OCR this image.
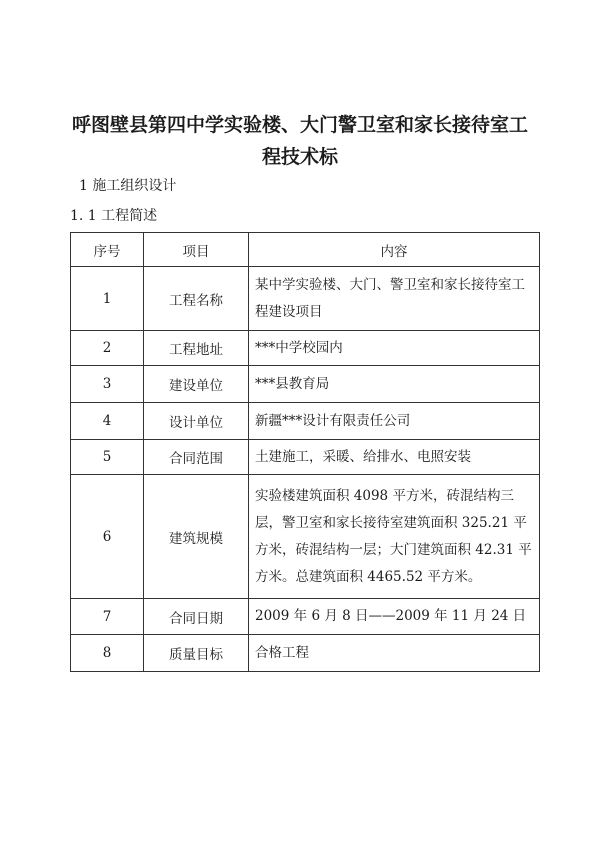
呼图壁县第四中学实验楼、大门警卫室和家长接待室工
程技术标
1 施工组织设计
1. 1 工程简述
序号	项目	内容
1	工程名称	某中学实验楼、大门、警卫室和家长接待室工程建设项目
2	工程地址	***中学校园内
3	建设单位	***县教育局
4	设计单位	新疆***设计有限责任公司
5	合同范围	土建施工，采暖、给排水、电照安装
6	建筑规模	实验楼建筑面积 4098 平方米，砖混结构三层，警卫室和家长接待室建筑面积 325.21 平方米，砖混结构一层；大门建筑面积 42.31 平方米。总建筑面积 4465.52 平方米。
7	合同日期	2009 年 6 月 8 日——2009 年 11 月 24 日
8	质量目标	合格工程
